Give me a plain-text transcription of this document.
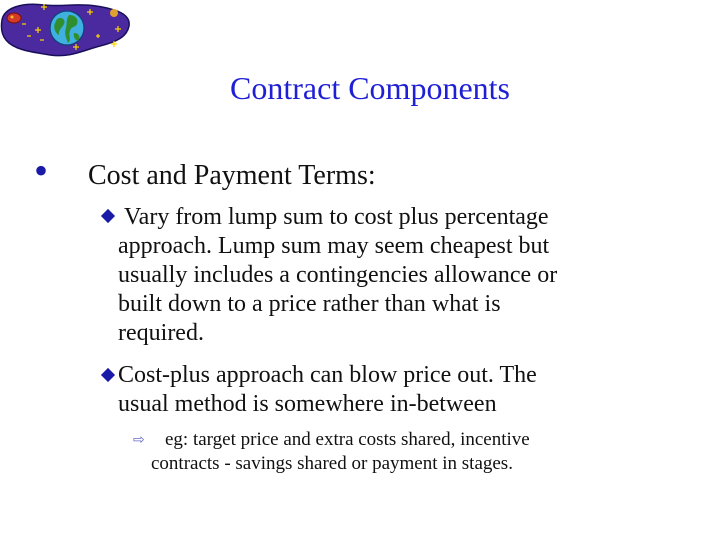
Contract Components
• Cost and Payment Terms:
Vary from lump sum to cost plus percentage
approach. Lump sum may seem cheapest but
usually includes a contingencies allowance or
built down to a price rather than what is
required.
Cost-plus approach can blow price out. The
usual method is somewhere in-between
⇨	eg: target price and extra costs shared, incentive
contracts - savings shared or payment in stages.
